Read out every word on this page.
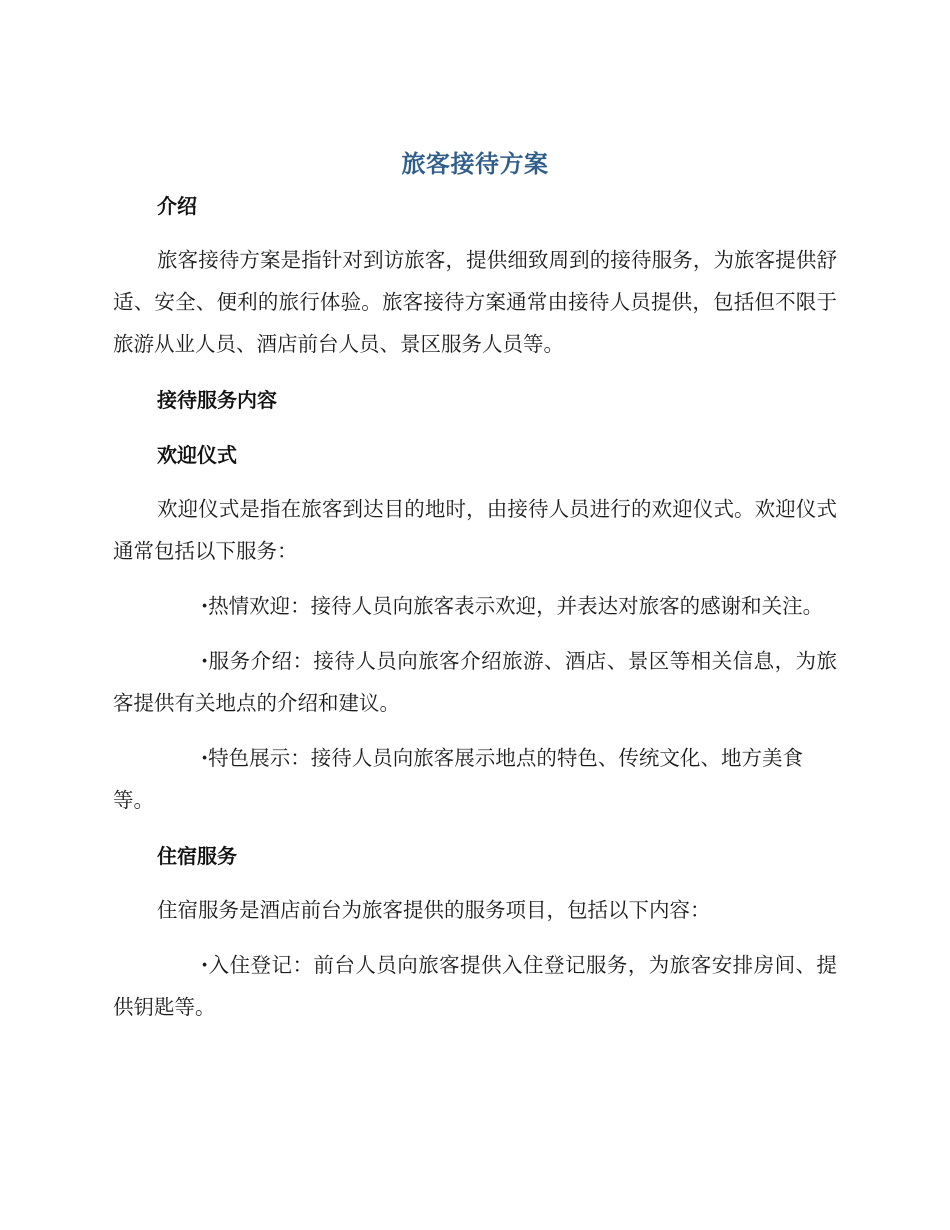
旅客接待方案
介绍

旅客接待方案是指针对到访旅客，提供细致周到的接待服务，为旅客提供舒适、安全、便利的旅行体验。旅客接待方案通常由接待人员提供，包括但不限于旅游从业人员、酒店前台人员、景区服务人员等。

接待服务内容
欢迎仪式

欢迎仪式是指在旅客到达目的地时，由接待人员进行的欢迎仪式。欢迎仪式通常包括以下服务：

·热情欢迎：接待人员向旅客表示欢迎，并表达对旅客的感谢和关注。

·服务介绍：接待人员向旅客介绍旅游、酒店、景区等相关信息，为旅客提供有关地点的介绍和建议。

·特色展示：接待人员向旅客展示地点的特色、传统文化、地方美食等。

住宿服务

住宿服务是酒店前台为旅客提供的服务项目，包括以下内容：

·入住登记：前台人员向旅客提供入住登记服务，为旅客安排房间、提供钥匙等。
